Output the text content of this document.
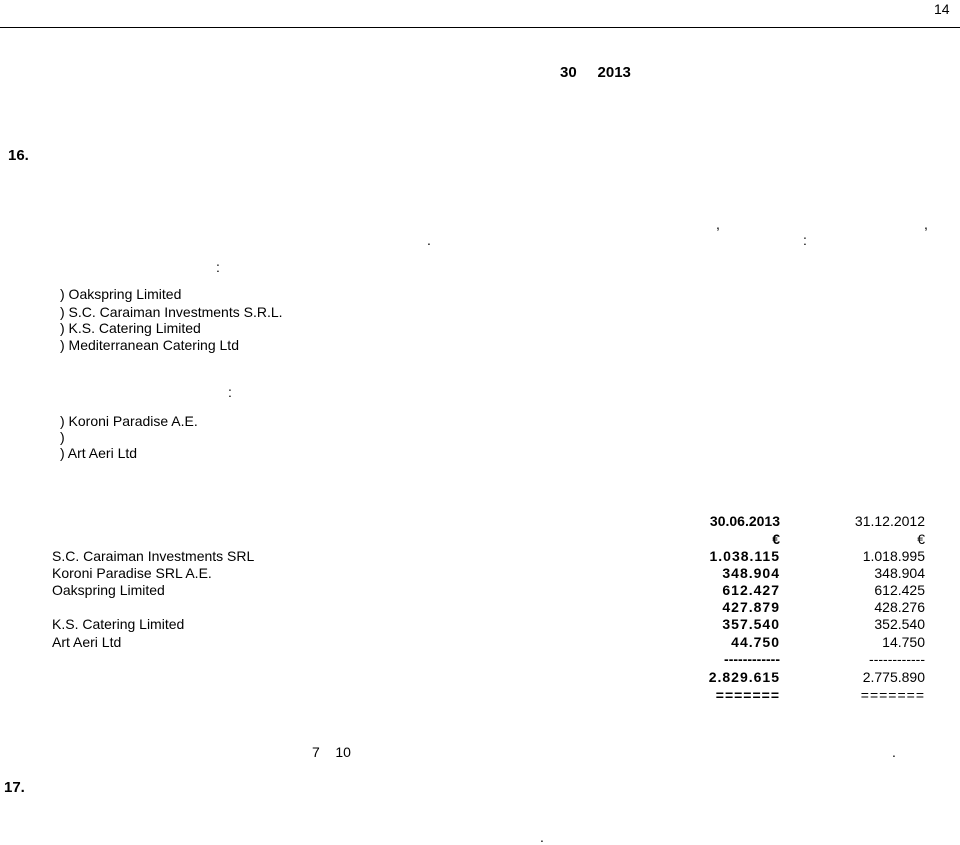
14
30     2013
16.
,	,
.	:
:
) Oakspring Limited
) S.C. Caraiman Investments S.R.L.
) K.S. Catering Limited
) Mediterranean Catering Ltd
:
) Koroni Paradise A.E.
)
) Art Aeri Ltd
30.06.2013	31.12.2012
€	€
S.C. Caraiman Investments SRL	1.038.115	1.018.995
Koroni Paradise SRL A.E.	348.904	348.904
Oakspring Limited	612.427	612.425
427.879	428.276
K.S. Catering Limited	357.540	352.540
Art Aeri Ltd	44.750	14.750
------------	------------
2.829.615	2.775.890
=======	=======
7    10	.
17.
.
